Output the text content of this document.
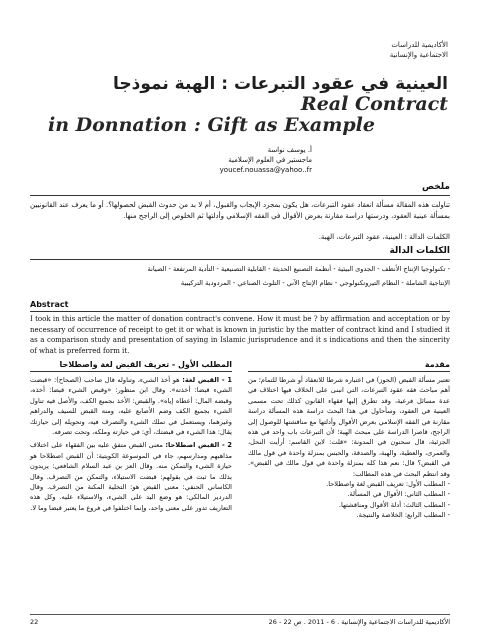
الأكاديمية للدراسات
الاجتماعية والإنسانية
العينية في عقود التبرعات : الهبة نموذجا
Real Contract
in Donnation : Gift as Example
أ. يوسف نواسة
ماجستير في العلوم الإسلامية
youcef.nouassa@yahoo..fr
ملخص
تناولت هذه المقالة مسألة انعقاد عقود التبرعات، هل يكون بمجرد الإيجاب والقبول، أم لا بد من حدوث القبض لحصولها؟. أو ما يعرف عند القانونيين بمسألة عينية العقود، ودرستها دراسة مقارنة بعرض الأقوال في الفقه الإسلامي وأدلتها ثم الخلوص إلى الراجح منها.
الكلمات الدالة : العينية، عقود التبرعات، الهبة.
الكلمات الدالة
- تكنولوجيا الإنتاج الأنظف - الجدوى البيئية - أنظمة التصنيع الحديثة - القابلية التصنيعية - التأدية المرتفعة - الصيانة
الإنتاجية الشاملة - النظام التيروتكنولوجي - نظام الإنتاج الآني - التلوث الصناعي - المردودية التركيبية
Abstract
I took in this article the matter of donation contract's convene. How it must be ? by affirmation and acceptation or by necessary of occurrence of receipt to get it or what is known in juristic by the matter of contract kind and I studied it as a comparison study and presentation of saying in Islamic jurisprudence and it s indications and then the sincerity of what is preferred form it.
مقدمة
تعتبر مسألة القبض (الحوز) في اعتباره شرطا للانعقاد أو شرطا للتمام؛ من أهم مباحث فقه عقود التبرعات، التي انبنى على الخلاف فيها اختلاف في عدة مسائل فرعية، وقد تطرق إليها فقهاء القانون كذلك تحت مسمى العينية في العقود، وسأحاول في هذا البحث دراسة هذه المسألة دراسة مقارنة في الفقه الإسلامي بعرض الأقوال وأدلتها مع مناقشتها للوصول إلى الراجح، قاصرا الدراسة على مبحث الهبة؛ لأن التبرعات باب واحد في هذه الجزئية، قال سحنون في المدونة: «قلت: لابن القاسم: أرأيت النحل، والعمرى، والعطية، والهبة، والصدقة، والحبس بمنزلة واحدة في قول مالك في القبض؟ قال: نعم هذا كله بمنزلة واحدة في قول مالك في القبض». وقد انتظم البحث في هذه المطالب:
- المطلب الأول: تعريف القبض لغة واصطلاحا.
- المطلب الثاني: الأقوال في المسألة.
- المطلب الثالث: أدلة الأقوال ومناقشتها.
- المطلب الرابع: الخلاصة والنتيجة.
المطلب الأول - تعريف القبض لغة واصطلاحا
1 - القبض لغة: هو أخذ الشيء، وتناوله قال صاحب (الصحاح): «قبضت الشيء قبضا: أخذته». وقال ابن منظور: «وقبض الشيء قبضا: أخذه، وقبضه المال: أعطاه إياه». والقبض: الأخذ بجميع الكف، والأصل فيه تناول الشيء بجميع الكف وضم الأصابع عليه، ومنه القبض للسيف والدراهم وغيرهما، ويستعمل في تملك الشيء والتصرف فيه، وتحويله إلى حيازتك يقال: هذا الشيء في قبضتك، أي: في حيازته وملكه، وتحت تصرفه.
2 - القبض اصطلاحا: معنى القبض متفق عليه بين الفقهاء على اختلاف مذاهبهم ومدارسهم، جاء في الموسوعة الكويتية: أن القبض اصطلاحا هو حيازة الشيء والتمكن منه. وقال العز بن عبد السلام الشافعي: يريدون بذلك ما ثبت في بقولهم: قبضت الاستيلاء، والتمكن من التصرف. وقال الكاساني الحنفي: معنى القبض هو: التخلية المكنة من التصرف. وقال الدردير المالكي: هو وضع اليد على الشيء، والاستيلاء عليه. وكل هذه التعاريف تدور على معنى واحد، وإنما اختلفوا في فروع ما يعتبر قبضا وما لا.
22	الأكاديمية للدراسات الاجتماعية والإنسانية . 6 - 2011 . ص 22 - 26
